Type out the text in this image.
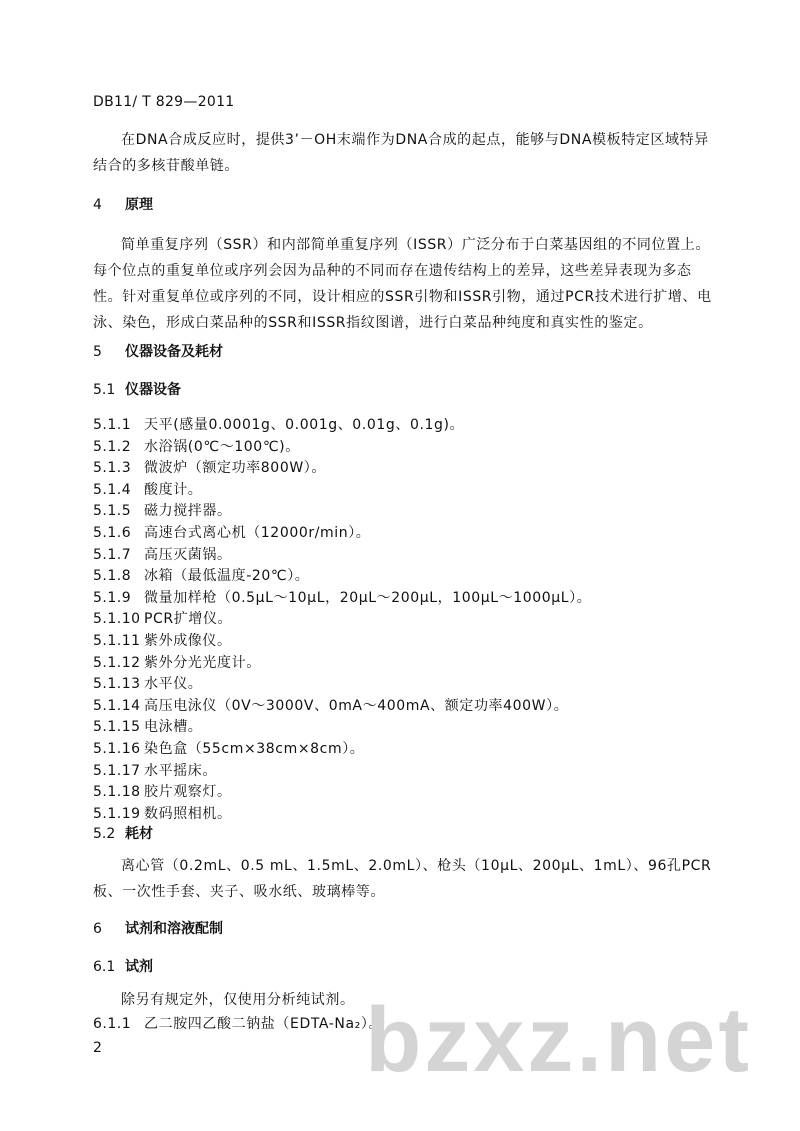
DB11/ T 829—2011
在DNA合成反应时，提供3’－OH末端作为DNA合成的起点，能够与DNA模板特定区域特异结合的多核苷酸单链。
4 原理
简单重复序列（SSR）和内部简单重复序列（ISSR）广泛分布于白菜基因组的不同位置上。每个位点的重复单位或序列会因为品种的不同而存在遗传结构上的差异，这些差异表现为多态性。针对重复单位或序列的不同，设计相应的SSR引物和ISSR引物，通过PCR技术进行扩增、电泳、染色，形成白菜品种的SSR和ISSR指纹图谱，进行白菜品种纯度和真实性的鉴定。
5 仪器设备及耗材
5.1 仪器设备
5.1.1 天平(感量0.0001g、0.001g、0.01g、0.1g)。
5.1.2 水浴锅(0℃～100℃)。
5.1.3 微波炉（额定功率800W）。
5.1.4 酸度计。
5.1.5 磁力搅拌器。
5.1.6 高速台式离心机（12000r/min）。
5.1.7 高压灭菌锅。
5.1.8 冰箱（最低温度-20℃）。
5.1.9 微量加样枪（0.5μL～10μL，20μL～200μL，100μL～1000μL）。
5.1.10 PCR扩增仪。
5.1.11 紫外成像仪。
5.1.12 紫外分光光度计。
5.1.13 水平仪。
5.1.14 高压电泳仪（0V～3000V、0mA～400mA、额定功率400W）。
5.1.15 电泳槽。
5.1.16 染色盒（55cm×38cm×8cm）。
5.1.17 水平摇床。
5.1.18 胶片观察灯。
5.1.19 数码照相机。
5.2 耗材
离心管（0.2mL、0.5 mL、1.5mL、2.0mL）、枪头（10μL、200μL、1mL）、96孔PCR板、一次性手套、夹子、吸水纸、玻璃棒等。
6 试剂和溶液配制
6.1 试剂
除另有规定外，仅使用分析纯试剂。
6.1.1 乙二胺四乙酸二钠盐（EDTA-Na₂）。
2	bzxz.net
